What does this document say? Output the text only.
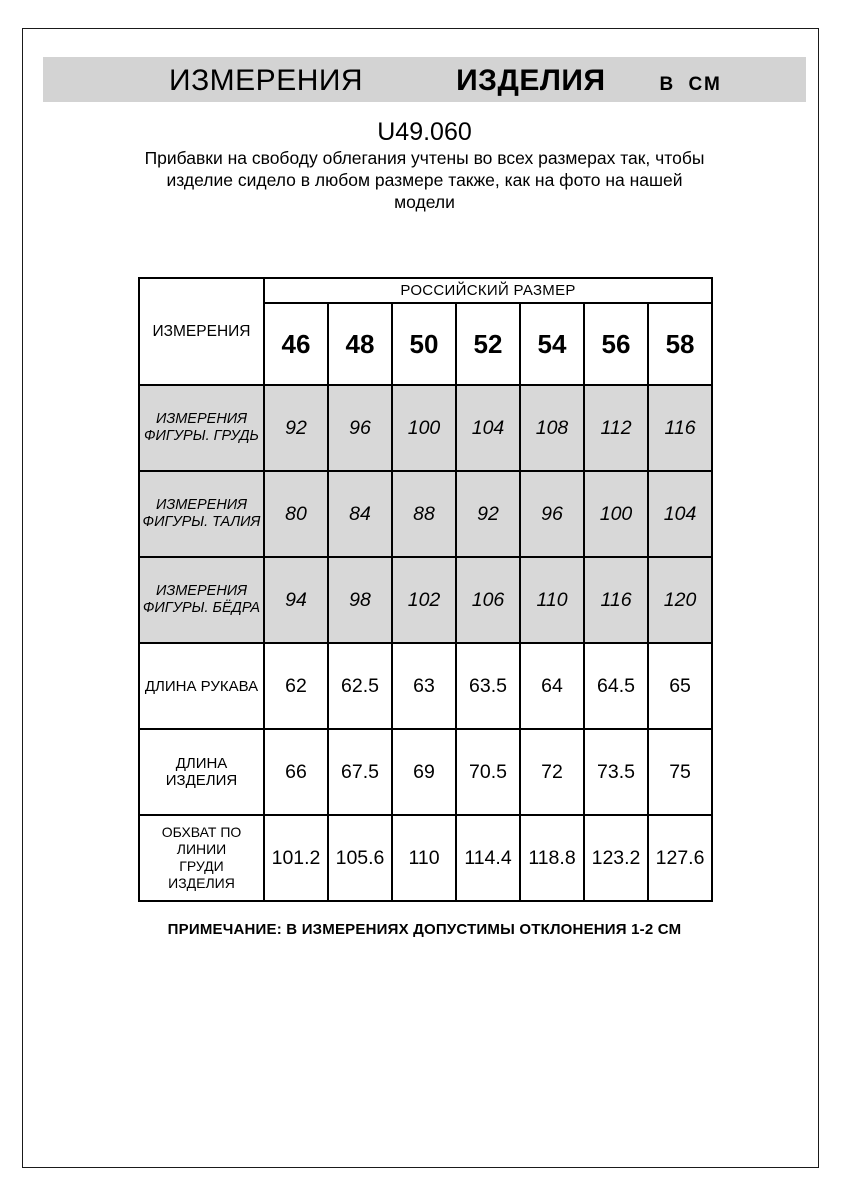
ИЗМЕРЕНИЯ	ИЗДЕЛИЯ	В СМ
U49.060
Прибавки на свободу облегания учтены во всех размерах так, чтобы изделие сидело в любом размере также, как на фото на нашей модели
ИЗМЕРЕНИЯ	РОССИЙСКИЙ РАЗМЕР						
	46	48	50	52	54	56	58
ИЗМЕРЕНИЯ ФИГУРЫ. ГРУДЬ	92	96	100	104	108	112	116
ИЗМЕРЕНИЯ ФИГУРЫ. ТАЛИЯ	80	84	88	92	96	100	104
ИЗМЕРЕНИЯ ФИГУРЫ. БЁДРА	94	98	102	106	110	116	120
ДЛИНА РУКАВА	62	62.5	63	63.5	64	64.5	65
ДЛИНА ИЗДЕЛИЯ	66	67.5	69	70.5	72	73.5	75
ОБХВАТ ПО ЛИНИИ ГРУДИ ИЗДЕЛИЯ	101.2	105.6	110	114.4	118.8	123.2	127.6
ПРИМЕЧАНИЕ: В ИЗМЕРЕНИЯХ ДОПУСТИМЫ ОТКЛОНЕНИЯ 1-2 СМ
